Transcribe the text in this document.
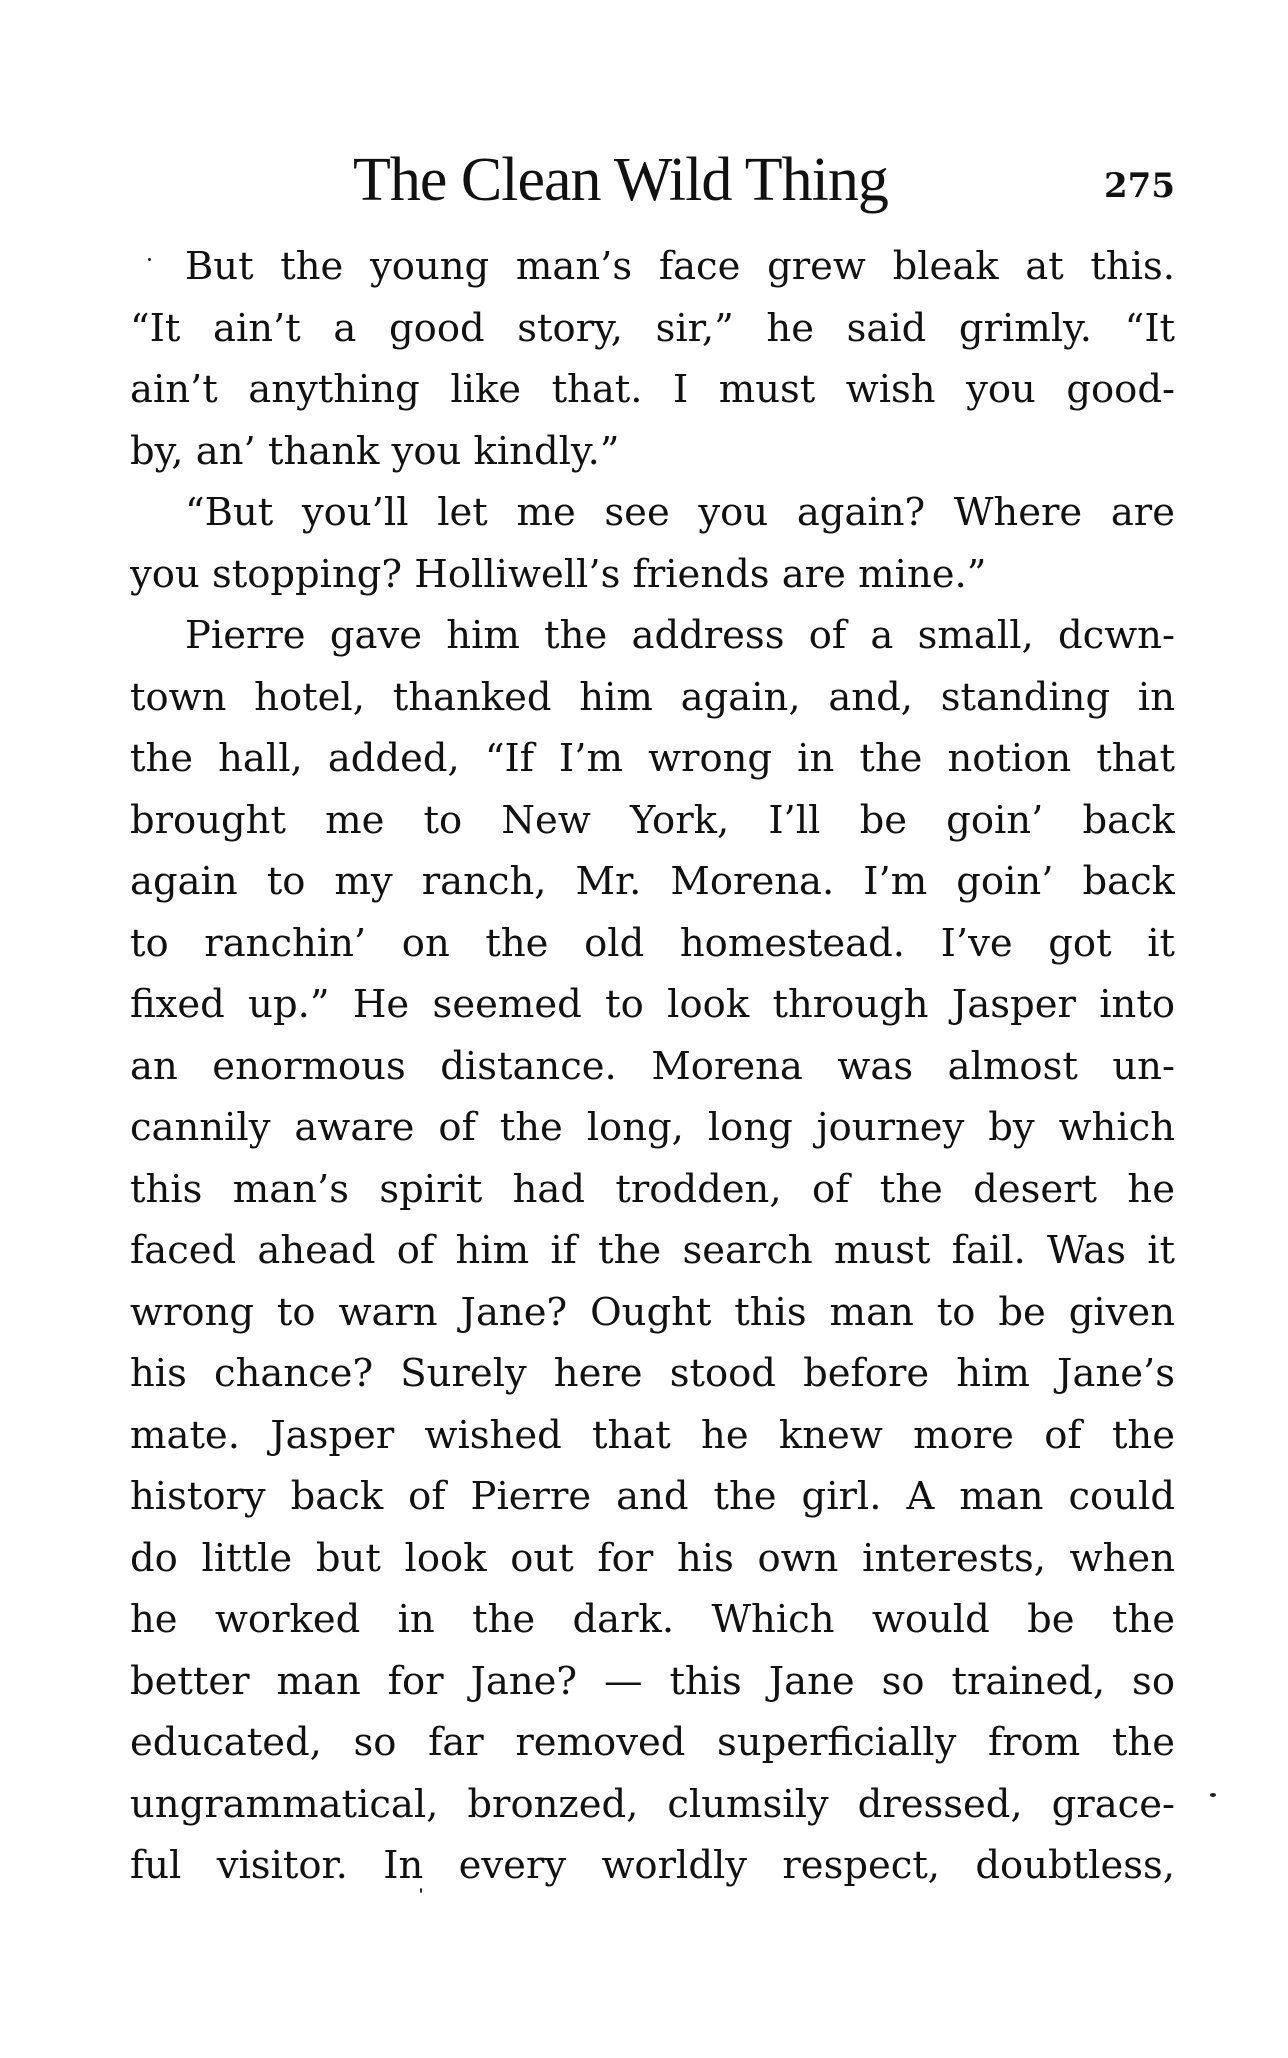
The Clean Wild Thing	275
But the young man’s face grew bleak at this.
“It ain’t a good story, sir,” he said grimly. “It
ain’t anything like that. I must wish you good-
by, an’ thank you kindly.”
“But you’ll let me see you again? Where are
you stopping? Holliwell’s friends are mine.”
Pierre gave him the address of a small, dcwn-
town hotel, thanked him again, and, standing in
the hall, added, “If I’m wrong in the notion that
brought me to New York, I’ll be goin’ back
again to my ranch, Mr. Morena. I’m goin’ back
to ranchin’ on the old homestead. I’ve got it
fixed up.” He seemed to look through Jasper into
an enormous distance. Morena was almost un-
cannily aware of the long, long journey by which
this man’s spirit had trodden, of the desert he
faced ahead of him if the search must fail. Was it
wrong to warn Jane? Ought this man to be given
his chance? Surely here stood before him Jane’s
mate. Jasper wished that he knew more of the
history back of Pierre and the girl. A man could
do little but look out for his own interests, when
he worked in the dark. Which would be the
better man for Jane? — this Jane so trained, so
educated, so far removed superficially from the
ungrammatical, bronzed, clumsily dressed, grace-
ful visitor. In every worldly respect, doubtless,
